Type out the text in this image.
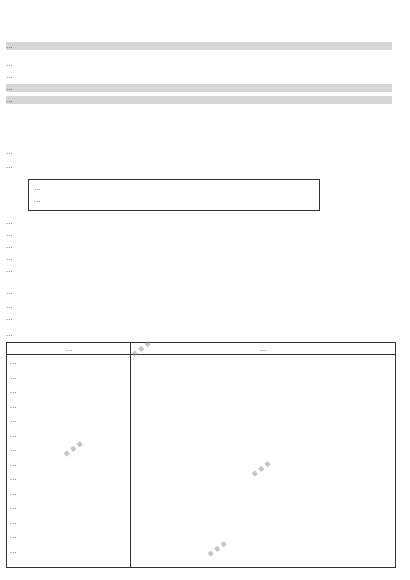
…
…
…
…
…
…
…
…
…
…
…
…
…
…
…
…
…
…
…	…
…
…
…
…
…
…
…
…
…
…
…
…
…
…
…
…
…
…
